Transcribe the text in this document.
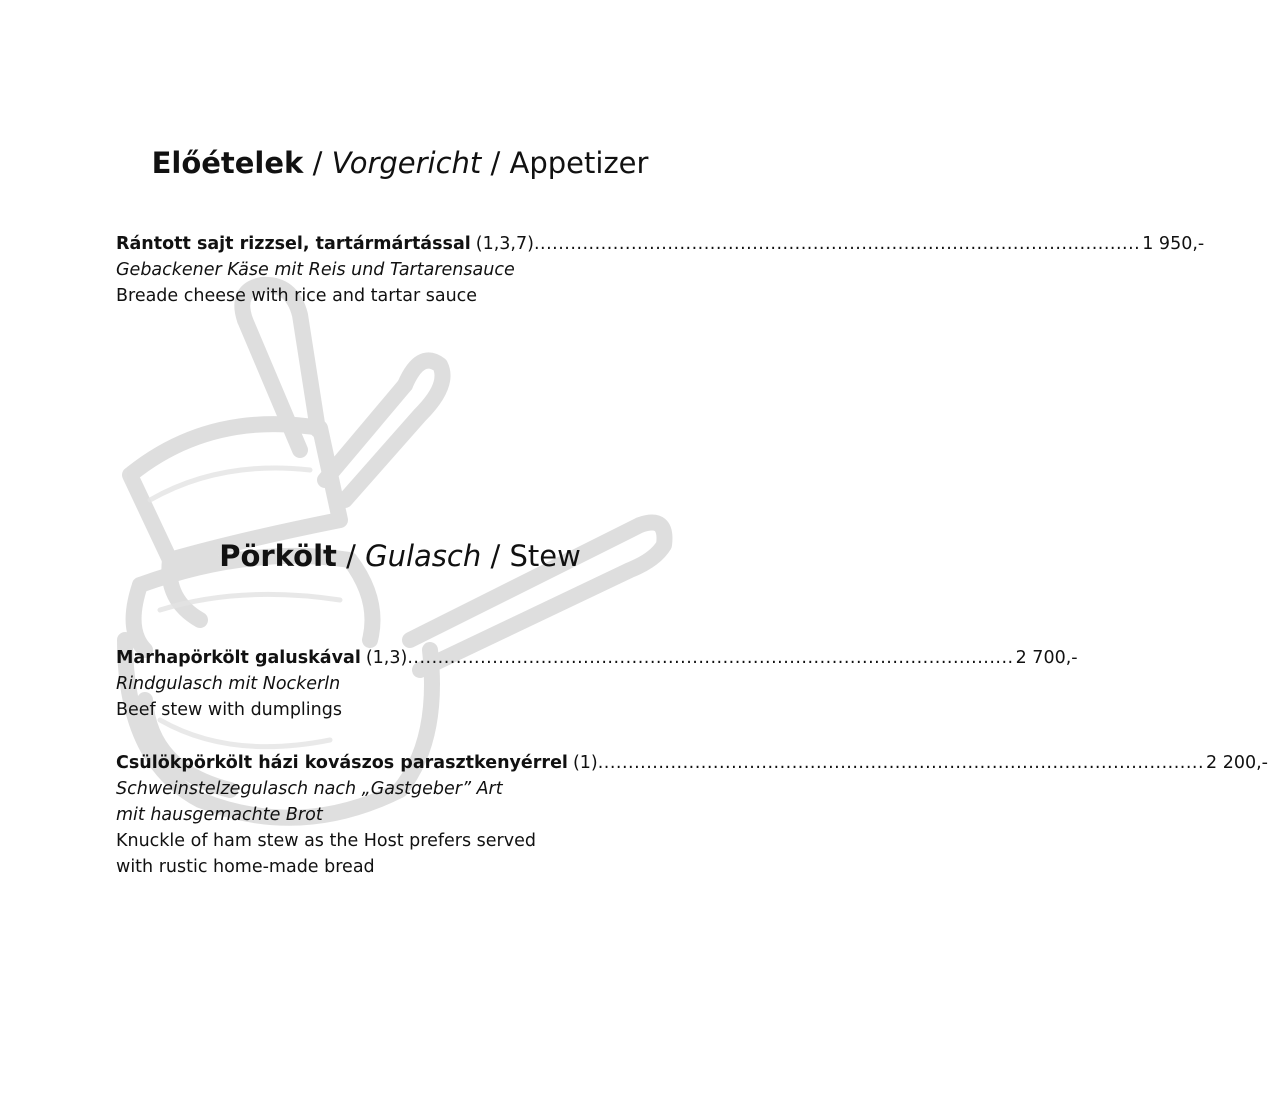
Előételek / Vorgericht / Appetizer
Rántott sajt rizzsel, tartármártással (1,3,7) .................................................................................................... 1 950,-
Gebackener Käse mit Reis und Tartarensauce
Breade cheese with rice and tartar sauce
Pörkölt / Gulasch / Stew
Marhapörkölt galuskával (1,3) .................................................................................................... 2 700,-
Rindgulasch mit Nockerln
Beef stew with dumplings
Csülökpörkölt házi kovászos parasztkenyérrel (1) .................................................................................................... 2 200,-
Schweinstelzegulasch nach „Gastgeber” Art
mit hausgemachte Brot
Knuckle of ham stew as the Host prefers served
with rustic home-made bread
